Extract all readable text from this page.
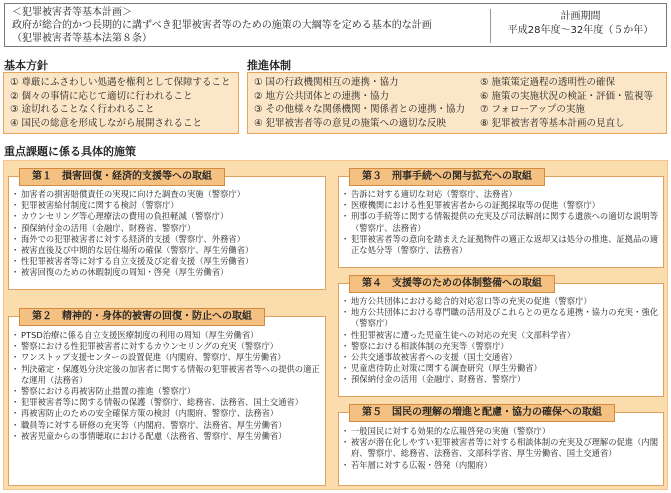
＜犯罪被害者等基本計画＞
政府が総合的かつ長期的に講ずべき犯罪被害者等のための施策の大綱等を定める基本的な計画
（犯罪被害者等基本法第８条）
計画期間
平成28年度〜32年度（５か年）
基本方針
① 尊厳にふさわしい処遇を権利として保障すること
② 個々の事情に応じて適切に行われること
③ 途切れることなく行われること
④ 国民の総意を形成しながら展開されること
推進体制
① 国の行政機関相互の連携・協力
② 地方公共団体との連携・協力
③ その他様々な関係機関・関係者との連携・協力
④ 犯罪被害者等の意見の施策への適切な反映
⑤ 施策策定過程の透明性の確保
⑥ 施策の実施状況の検証・評価・監視等
⑦ フォローアップの実施
⑧ 犯罪被害者等基本計画の見直し
重点課題に係る具体的施策
第１　損害回復・経済的支援等への取組
・ 加害者の損害賠償責任の実現に向けた調査の実施（警察庁）
・ 犯罪被害給付制度に関する検討（警察庁）
・ カウンセリング等心理療法の費用の負担軽減（警察庁）
・ 預保納付金の活用（金融庁、財務省、警察庁）
・ 海外での犯罪被害者に対する経済的支援（警察庁、外務省）
・ 被害直後及び中期的な居住場所の確保（警察庁、厚生労働省）
・ 性犯罪被害者等に対する自立支援及び定着支援（厚生労働省）
・ 被害回復のための休暇制度の周知・啓発（厚生労働省）
第２　精神的・身体的被害の回復・防止への取組
・ PTSD治療に係る自立支援医療制度の利用の周知（厚生労働省）
・ 警察における性犯罪被害者に対するカウンセリングの充実（警察庁）
・ ワンストップ支援センターの設置促進（内閣府、警察庁、厚生労働省）
・ 判決確定・保護処分決定後の加害者に関する情報の犯罪被害者等への提供の適正な運用（法務省）
・ 警察における再被害防止措置の推進（警察庁）
・ 犯罪被害者等に関する情報の保護（警察庁、総務省、法務省、国土交通省）
・ 再被害防止のための安全確保方策の検討（内閣府、警察庁、法務省）
・ 職員等に対する研修の充実等（内閣府、警察庁、法務省、厚生労働省）
・ 被害児童からの事情聴取における配慮（法務省、警察庁、厚生労働省）
第３　刑事手続への関与拡充への取組
・ 告訴に対する適切な対応（警察庁、法務省）
・ 医療機関における性犯罪被害者からの証拠採取等の促進（警察庁）
・ 刑事の手続等に関する情報提供の充実及び司法解剖に関する遺族への適切な説明等（警察庁、法務省）
・ 犯罪被害者等の意向を踏まえた証拠物件の適正な返却又は処分の推進、証拠品の適正な処分等（警察庁、法務省）
第４　支援等のための体制整備への取組
・ 地方公共団体における総合的対応窓口等の充実の促進（警察庁）
・ 地方公共団体における専門職の活用及びこれらとの更なる連携・協力の充実・強化（警察庁）
・ 性犯罪被害に遭った児童生徒への対応の充実（文部科学省）
・ 警察における相談体制の充実等（警察庁）
・ 公共交通事故被害者への支援（国土交通省）
・ 児童虐待防止対策に関する調査研究（厚生労働省）
・ 預保納付金の活用（金融庁、財務省、警察庁）
第５　国民の理解の増進と配慮・協力の確保への取組
・ 一般国民に対する効果的な広報啓発の実施（警察庁）
・ 被害が潜在化しやすい犯罪被害者等に対する相談体制の充実及び理解の促進（内閣府、警察庁、総務省、法務省、文部科学省、厚生労働省、国土交通省）
・ 若年層に対する広報・啓発（内閣府）
